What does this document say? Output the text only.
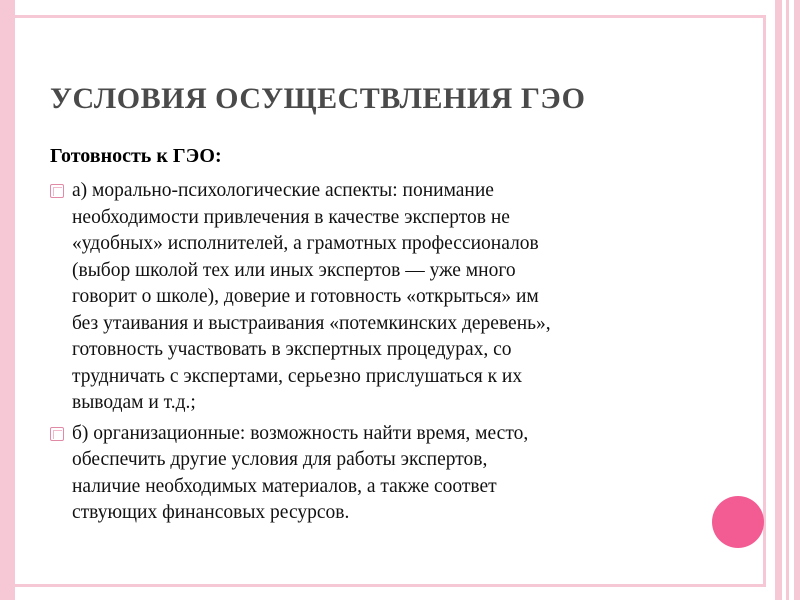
УСЛОВИЯ ОСУЩЕСТВЛЕНИЯ ГЭО
Готовность к ГЭО:

а) морально-психологические аспекты: понимание
необходимости привлечения в качестве экспертов не
«удобных» исполнителей, а грамотных профессионалов
(выбор школой тех или иных экспертов — уже много
говорит о школе), доверие и готовность «открыться» им
без утаивания и выстраивания «потемкинских деревень»,
готовность участвовать в экспертных процедурах, со
трудничать с экспертами, серьезно прислушаться к их
выводам и т.д.;

б) организационные: возможность найти время, место,
обеспечить другие условия для работы экспертов,
наличие необходимых материалов, а также соответ
ствующих финансовых ресурсов.
